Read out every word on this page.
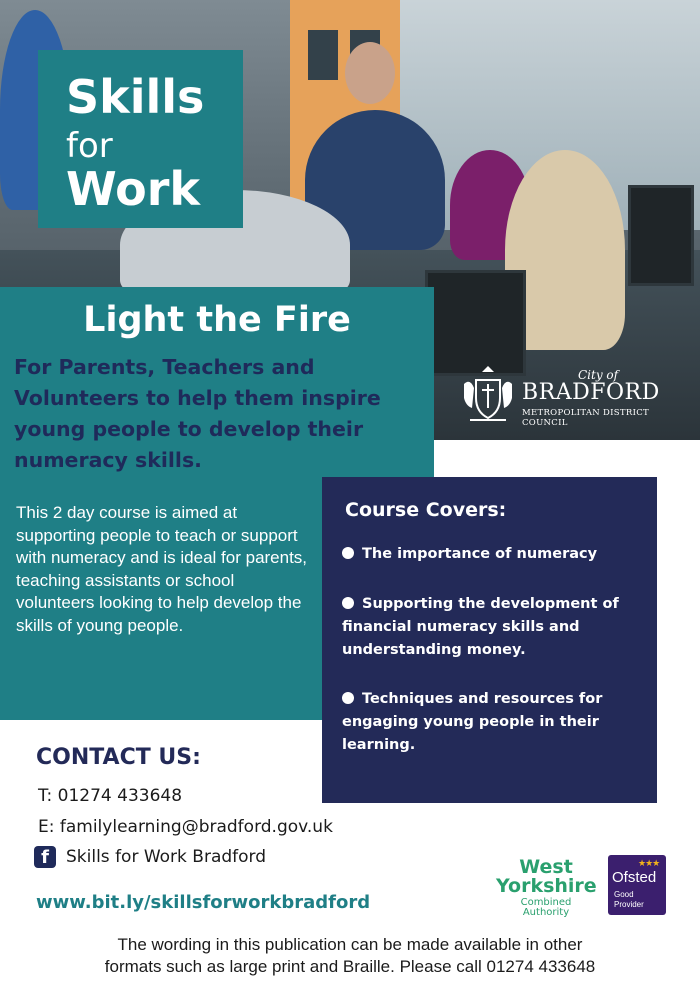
Skills
for
Work
City of
BRADFORD
METROPOLITAN DISTRICT COUNCIL
Light the Fire
For Parents, Teachers and Volunteers to help them inspire young people to develop their numeracy skills.
This 2 day course is aimed at supporting people to teach or support with numeracy and is ideal for parents, teaching assistants or school volunteers looking to help develop the skills of young people.
Course Covers:
The importance of numeracy
Supporting the development of financial numeracy skills and understanding money.
Techniques and resources for engaging young people in their learning.
CONTACT US:
T: 01274 433648
E: familylearning@bradford.gov.uk
f	Skills for Work Bradford
www.bit.ly/skillsforworkbradford
West
Yorkshire
Combined
Authority
★★★
Ofsted
Good
Provider
The wording in this publication can be made available in other
formats such as large print and Braille. Please call 01274 433648
